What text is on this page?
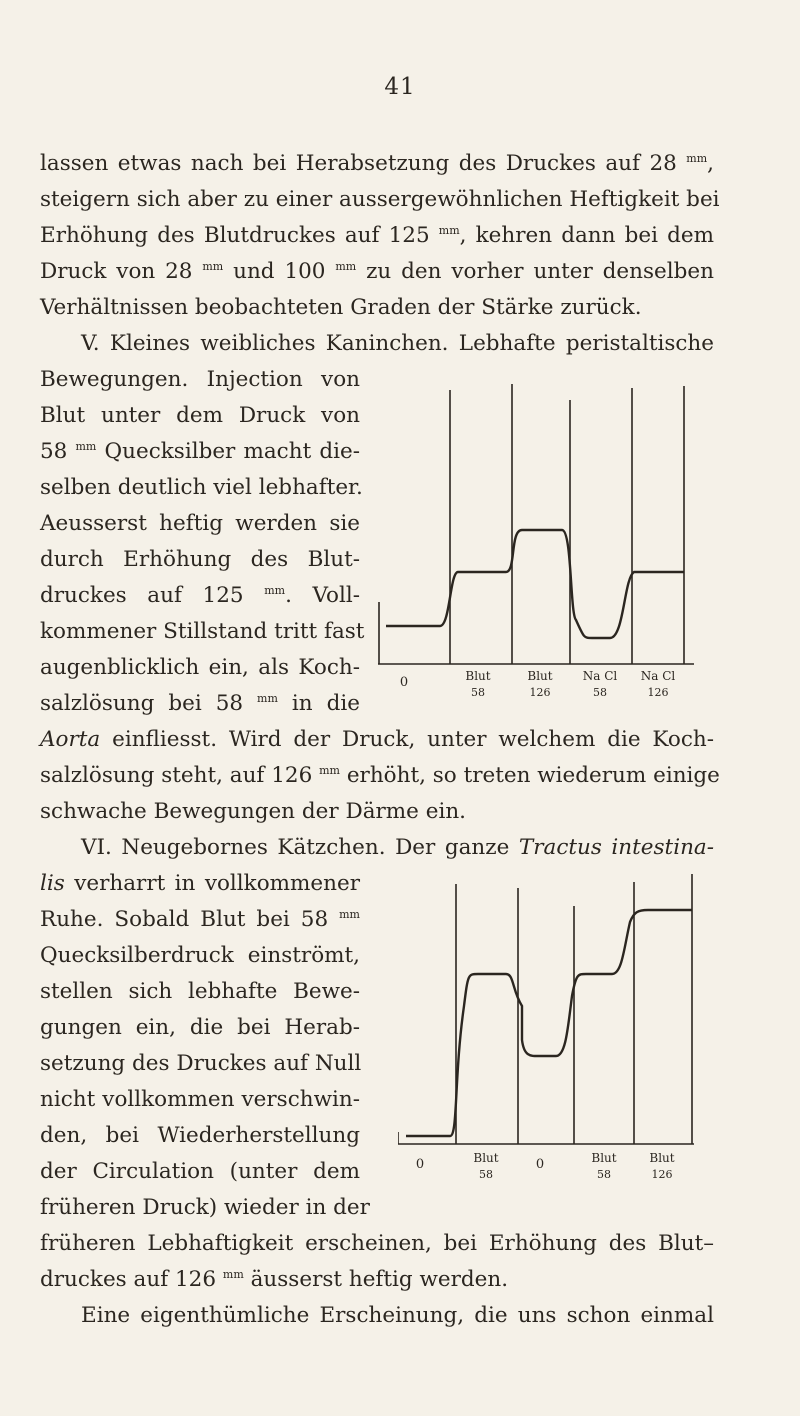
41
lassen etwas nach bei Herabsetzung des Druckes auf 28 $^{mm}$,
steigern sich aber zu einer aussergewöhnlichen Heftigkeit bei
Erhöhung des Blutdruckes auf 125 $^{mm}$, kehren dann bei dem
Druck von 28 $^{mm}$ und 100 $^{mm}$ zu den vorher unter denselben
Verhältnissen beobachteten Graden der Stärke zurück.
V. Kleines weibliches Kaninchen. Lebhafte peristaltische
Bewegungen. Injection von
Blut unter dem Druck von
58 $^{mm}$ Quecksilber macht die-
selben deutlich viel lebhafter.
Aeusserst heftig werden sie
durch Erhöhung des Blut-
druckes auf 125 $^{mm}$. Voll-
kommener Stillstand tritt fast
augenblicklich ein, als Koch-
salzlösung bei 58 $^{mm}$ in die
Aorta einfliesst. Wird der Druck, unter welchem die Koch-
salzlösung steht, auf 126 $^{mm}$ erhöht, so treten wiederum einige
schwache Bewegungen der Därme ein.
VI. Neugebornes Kätzchen. Der ganze Tractus intestina-
lis verharrt in vollkommener
Ruhe. Sobald Blut bei 58 $^{mm}$
Quecksilberdruck einströmt,
stellen sich lebhafte Bewe-
gungen ein, die bei Herab-
setzung des Druckes auf Null
nicht vollkommen verschwin-
den, bei Wiederherstellung
der Circulation (unter dem
früheren Druck) wieder in der
früheren Lebhaftigkeit erscheinen, bei Erhöhung des Blut–
druckes auf 126 $^{mm}$ äusserst heftig werden.
Eine eigenthümliche Erscheinung, die uns schon einmal
0	Blut
58
Blut
126
Na Cl
58
Na Cl
126
0	Blut
58
0	Blut
58
Blut
126
